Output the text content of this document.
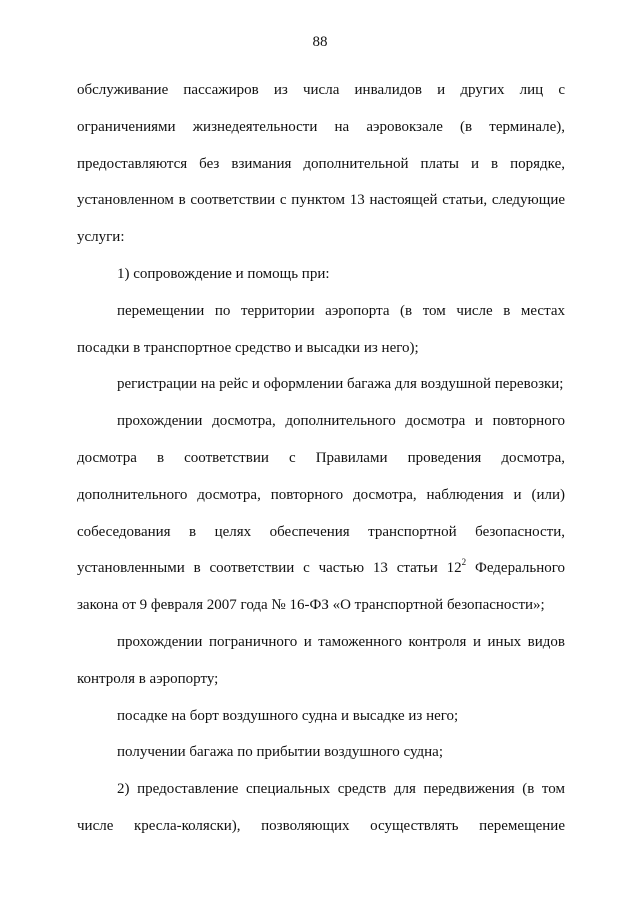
88

обслуживание пассажиров из числа инвалидов и других лиц с ограничениями жизнедеятельности на аэровокзале (в терминале), предоставляются без взимания дополнительной платы и в порядке, установленном в соответствии с пунктом 13 настоящей статьи, следующие услуги:

1) сопровождение и помощь при:

перемещении по территории аэропорта (в том числе в местах посадки в транспортное средство и высадки из него);

регистрации на рейс и оформлении багажа для воздушной перевозки;

прохождении досмотра, дополнительного досмотра и повторного досмотра в соответствии с Правилами проведения досмотра, дополнительного досмотра, повторного досмотра, наблюдения и (или) собеседования в целях обеспечения транспортной безопасности, установленными в соответствии с частью 13 статьи $12^2$ Федерального закона от 9 февраля 2007 года № 16-ФЗ «О транспортной безопасности»;

прохождении пограничного и таможенного контроля и иных видов контроля в аэропорту;

посадке на борт воздушного судна и высадке из него;

получении багажа по прибытии воздушного судна;

2) предоставление специальных средств для передвижения (в том числе кресла-коляски), позволяющих осуществлять перемещение
